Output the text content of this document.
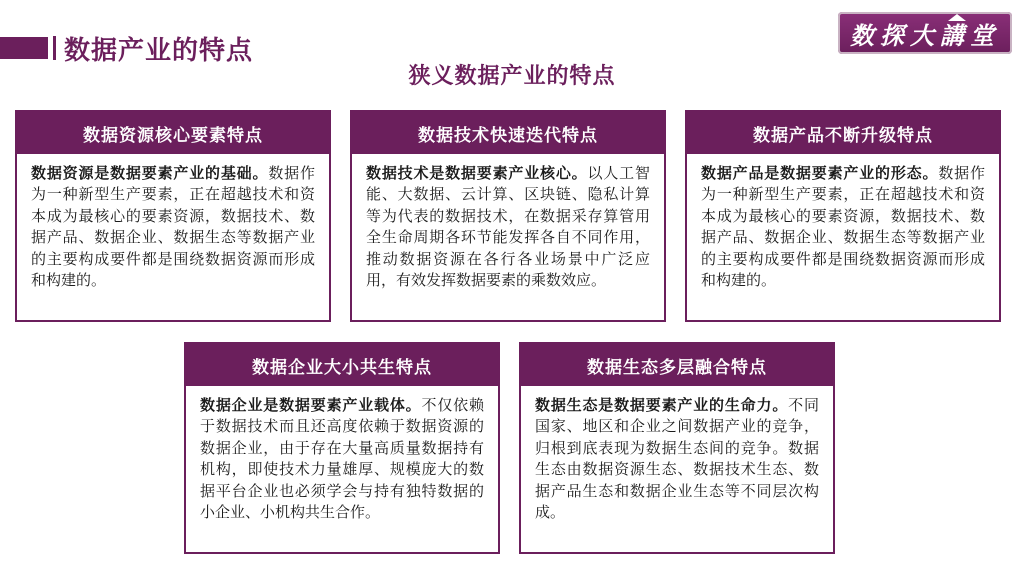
数据产业的特点
狭义数据产业的特点
数探大講堂
数据资源核心要素特点
数据资源是数据要素产业的基础。数据作为一种新型生产要素，正在超越技术和资本成为最核心的要素资源，数据技术、数据产品、数据企业、数据生态等数据产业的主要构成要件都是围绕数据资源而形成和构建的。
数据技术快速迭代特点
数据技术是数据要素产业核心。以人工智能、大数据、云计算、区块链、隐私计算等为代表的数据技术，在数据采存算管用全生命周期各环节能发挥各自不同作用，推动数据资源在各行各业场景中广泛应用，有效发挥数据要素的乘数效应。
数据产品不断升级特点
数据产品是数据要素产业的形态。数据作为一种新型生产要素，正在超越技术和资本成为最核心的要素资源，数据技术、数据产品、数据企业、数据生态等数据产业的主要构成要件都是围绕数据资源而形成和构建的。
数据企业大小共生特点
数据企业是数据要素产业载体。不仅依赖于数据技术而且还高度依赖于数据资源的数据企业，由于存在大量高质量数据持有机构，即使技术力量雄厚、规模庞大的数据平台企业也必须学会与持有独特数据的小企业、小机构共生合作。
数据生态多层融合特点
数据生态是数据要素产业的生命力。不同国家、地区和企业之间数据产业的竞争，归根到底表现为数据生态间的竞争。数据生态由数据资源生态、数据技术生态、数据产品生态和数据企业生态等不同层次构成。
